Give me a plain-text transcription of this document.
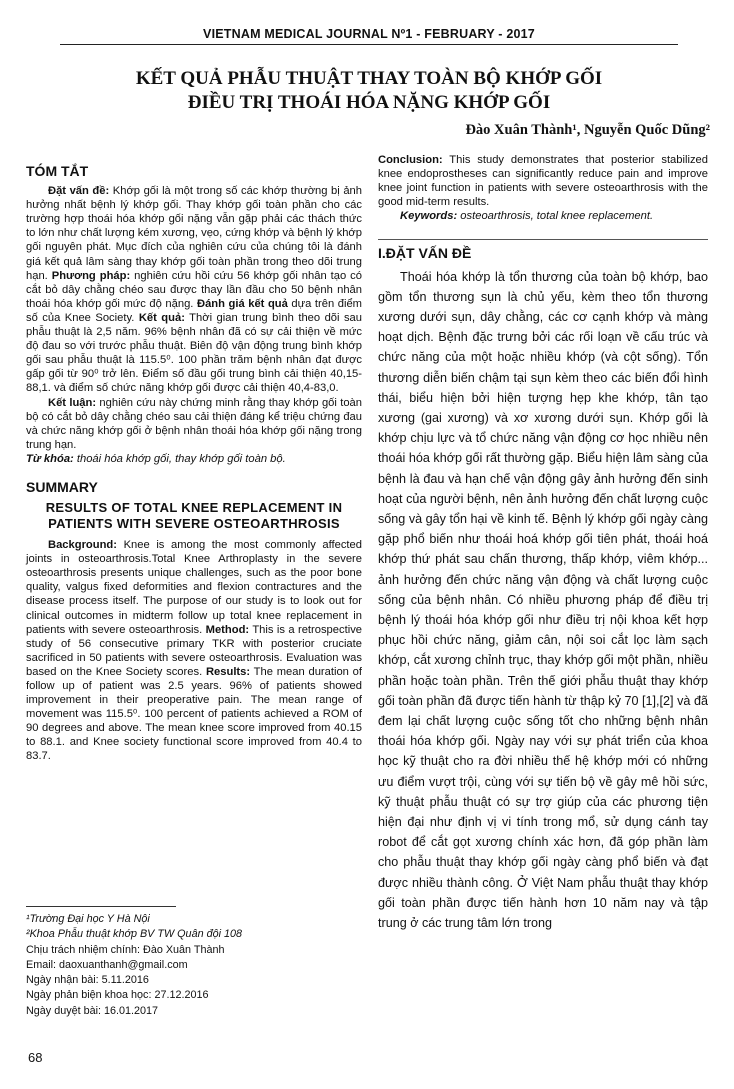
VIETNAM MEDICAL JOURNAL Nº1 - FEBRUARY - 2017
KẾT QUẢ PHẪU THUẬT THAY TOÀN BỘ KHỚP GỐI
ĐIỀU TRỊ THOÁI HÓA NẶNG KHỚP GỐI
Đào Xuân Thành¹, Nguyễn Quốc Dũng²
TÓM TẮT

Đặt vấn đề: Khớp gối là một trong số các khớp thường bị ảnh hưởng nhất bệnh lý khớp gối. Thay khớp gối toàn phần cho các trường hợp thoái hóa khớp gối nặng vẫn gặp phải các thách thức to lớn như chất lượng kém xương, vẹo, cứng khớp và bệnh lý khớp gối nguyên phát. Mục đích của nghiên cứu của chúng tôi là đánh giá kết quả lâm sàng thay khớp gối toàn phần trong theo dõi trung hạn. Phương pháp: nghiên cứu hồi cứu 56 khớp gối nhân tạo có cắt bỏ dây chằng chéo sau được thay lần đầu cho 50 bệnh nhân thoái hóa khớp gối mức độ nặng. Đánh giá kết quả dựa trên điểm số của Knee Society. Kết quả: Thời gian trung bình theo dõi sau phẫu thuật là 2,5 năm. 96% bệnh nhân đã có sự cải thiện về mức độ đau so với trước phẫu thuật. Biên độ vận động trung bình khớp gối sau phẫu thuật là 115.5⁰. 100 phần trăm bệnh nhân đạt được gấp gối từ 90⁰ trở lên. Điểm số đầu gối trung bình cải thiện 40,15-88,1. và điểm số chức năng khớp gối được cải thiện 40,4-83,0.

Kết luận: nghiên cứu này chứng minh rằng thay khớp gối toàn bộ có cắt bỏ dây chằng chéo sau cải thiện đáng kể triệu chứng đau và chức năng khớp gối ở bệnh nhân thoái hóa khớp gối nặng trong trung hạn.

Từ khóa: thoái hóa khớp gối, thay khớp gối toàn bộ.

SUMMARY
RESULTS OF TOTAL KNEE REPLACEMENT IN PATIENTS WITH SEVERE OSTEOARTHROSIS

Background: Knee is among the most commonly affected joints in osteoarthrosis.Total Knee Arthroplasty in the severe osteoarthrosis presents unique challenges, such as the poor bone quality, valgus fixed deformities and flexion contractures and the disease process itself. The purpose of our study is to look out for clinical outcomes in midterm follow up total knee replacement in patients with severe osteoarthrosis. Method: This is a retrospective study of 56 consecutive primary TKR with posterior cruciate sacrificed in 50 patients with severe osteoarthrosis. Evaluation was based on the Knee Society scores. Results: The mean duration of follow up of patient was 2.5 years. 96% of patients showed improvement in their preoperative pain. The mean range of movement was 115.5⁰. 100 percent of patients achieved a ROM of 90 degrees and above. The mean knee score improved from 40.15 to 88.1. and Knee society functional score improved from 40.4 to 83.7.

¹Trường Đại học Y Hà Nội
²Khoa Phẫu thuật khớp BV TW Quân đội 108
Chịu trách nhiệm chính: Đào Xuân Thành
Email: daoxuanthanh@gmail.com
Ngày nhận bài: 5.11.2016
Ngày phản biện khoa học: 27.12.2016
Ngày duyệt bài: 16.01.2017

Conclusion: This study demonstrates that posterior stabilized knee endoprostheses can significantly reduce pain and improve knee joint function in patients with severe osteoarthrosis with the good mid-term results.

Keywords: osteoarthrosis, total knee replacement.

I.ĐẶT VẤN ĐỀ

Thoái hóa khớp là tổn thương của toàn bộ khớp, bao gồm tổn thương sụn là chủ yếu, kèm theo tổn thương xương dưới sụn, dây chằng, các cơ cạnh khớp và màng hoạt dịch. Bệnh đặc trưng bởi các rối loạn về cấu trúc và chức năng của một hoặc nhiều khớp (và cột sống). Tổn thương diễn biến chậm tại sụn kèm theo các biến đổi hình thái, biểu hiện bởi hiện tượng hẹp khe khớp, tân tạo xương (gai xương) và xơ xương dưới sụn. Khớp gối là khớp chịu lực và tổ chức năng vận động cơ học nhiều nên thoái hóa khớp gối rất thường gặp. Biểu hiện lâm sàng của bệnh là đau và hạn chế vận động gây ảnh hưởng đến sinh hoạt của người bệnh, nên ảnh hưởng đến chất lượng cuộc sống và gây tổn hại về kinh tế. Bệnh lý khớp gối ngày càng gặp phổ biến như thoái hoá khớp gối tiên phát, thoái hoá khớp thứ phát sau chấn thương, thấp khớp, viêm khớp... ảnh hưởng đến chức năng vận động và chất lượng cuộc sống của bệnh nhân. Có nhiều phương pháp để điều trị bệnh lý thoái hóa khớp gối như điều trị nội khoa kết hợp phục hồi chức năng, giảm cân, nội soi cắt lọc làm sạch khớp, cắt xương chỉnh trục, thay khớp gối một phần, nhiều phần hoặc toàn phần. Trên thế giới phẫu thuật thay khớp gối toàn phần đã được tiến hành từ thập kỷ 70 [1],[2] và đã đem lại chất lượng cuộc sống tốt cho những bệnh nhân thoái hóa khớp gối. Ngày nay với sự phát triển của khoa học kỹ thuật cho ra đời nhiều thế hệ khớp mới có những ưu điểm vượt trội, cùng với sự tiến bộ về gây mê hồi sức, kỹ thuật phẫu thuật có sự trợ giúp của các phương tiện hiện đại như định vị vi tính trong mổ, sử dụng cánh tay robot để cắt gọt xương chính xác hơn, đã góp phần làm cho phẫu thuật thay khớp gối ngày càng phổ biến và đạt được nhiều thành công. Ở Việt Nam phẫu thuật thay khớp gối toàn phần được tiến hành hơn 10 năm nay và tập trung ở các trung tâm lớn trong

68
